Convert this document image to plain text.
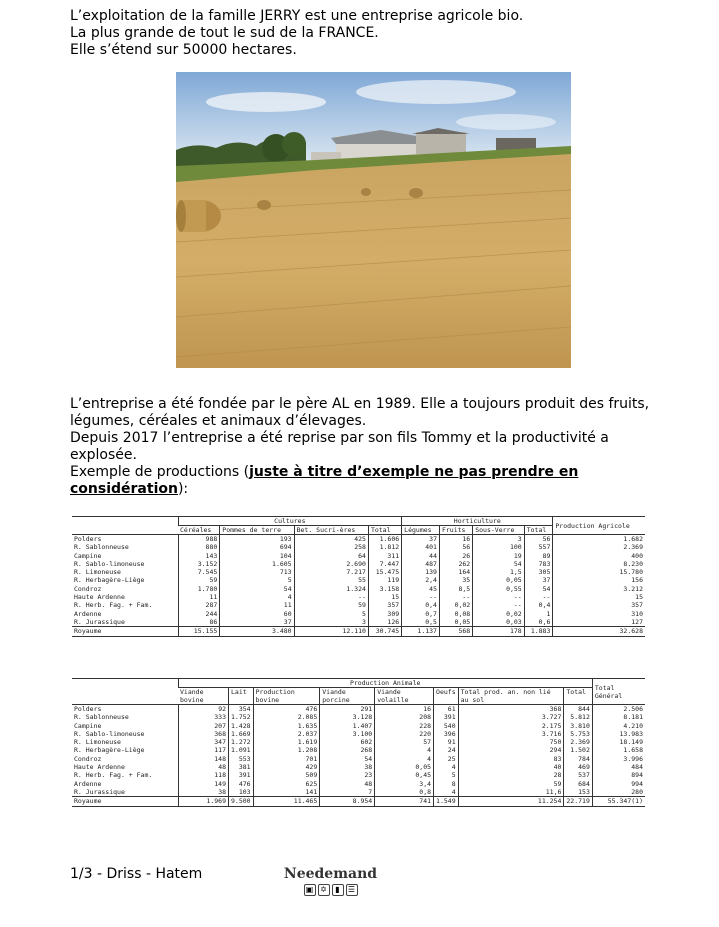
L’exploitation de la famille JERRY est une entreprise agricole bio.
La plus grande de tout le sud de la FRANCE.
Elle s’étend sur 50000 hectares.
L’entreprise a été fondée par le père AL en 1989. Elle a toujours produit des fruits, légumes, céréales et animaux d’élevages.
Depuis 2017 l’entreprise a été reprise par son fils Tommy et la productivité a explosée.
Exemple de productions (juste à titre d’exemple ne pas prendre en considération):
	Cultures				Horticulture				Production Agricole
	Céréales	Pommes de terre	Bet. Sucri-ères	Total	Légumes	Fruits	Sous-Verre	Total	
Polders	988	193	425	1.606	37	16	3	56	1.682
R. Sablonneuse	880	694	258	1.812	401	56	100	557	2.369
Campine	143	104	64	311	44	26	19	89	400
R. Sablo-limoneuse	3.152	1.605	2.690	7.447	487	262	54	783	8.230
R. Limoneuse	7.545	713	7.217	15.475	139	164	1,5	305	15.780
R. Herbagère-Liège	59	5	55	119	2,4	35	0,05	37	156
Condroz	1.780	54	1.324	3.158	45	8,5	0,55	54	3.212
Haute Ardenne	11	4	--	15	--	--	--	--	15
R. Herb. Fag. + Fam.	287	11	59	357	0,4	0,02	--	0,4	357
Ardenne	244	60	5	309	0,7	0,08	0,02	1	310
R. Jurassique	86	37	3	126	0,5	0,05	0,03	0,6	127
Royaume	15.155	3.480	12.110	30.745	1.137	568	178	1.883	32.628
	Production Animale								Total Général
	Viande bovine	Lait	Production bovine	Viande porcine	Viande volaille	Oeufs	Total prod. an. non lié au sol	Total	
Polders	92	354	476	291	16	61	368	844	2.506
R. Sablonneuse	333	1.752	2.085	3.128	208	391	3.727	5.812	8.181
Campine	207	1.428	1.635	1.407	228	540	2.175	3.810	4.210
R. Sablo-limoneuse	368	1.669	2.037	3.100	220	396	3.716	5.753	13.983
R. Limoneuse	347	1.272	1.619	602	57	91	750	2.369	18.149
R. Herbagère-Liège	117	1.091	1.208	268	4	24	294	1.502	1.658
Condroz	148	553	701	54	4	25	83	784	3.996
Haute Ardenne	48	381	429	38	0,05	4	40	469	484
R. Herb. Fag. + Fam.	118	391	509	23	0,45	5	28	537	894
Ardenne	149	476	625	48	3,4	8	59	684	994
R. Jurassique	38	103	141	7	0,8	4	11,6	153	280
Royaume	1.969	9.500	11.465	8.954	741	1.549	11.254	22.719	55.347(1)
1/3 - Driss - Hatem	Needemand
▣ ✡	▮	☰
